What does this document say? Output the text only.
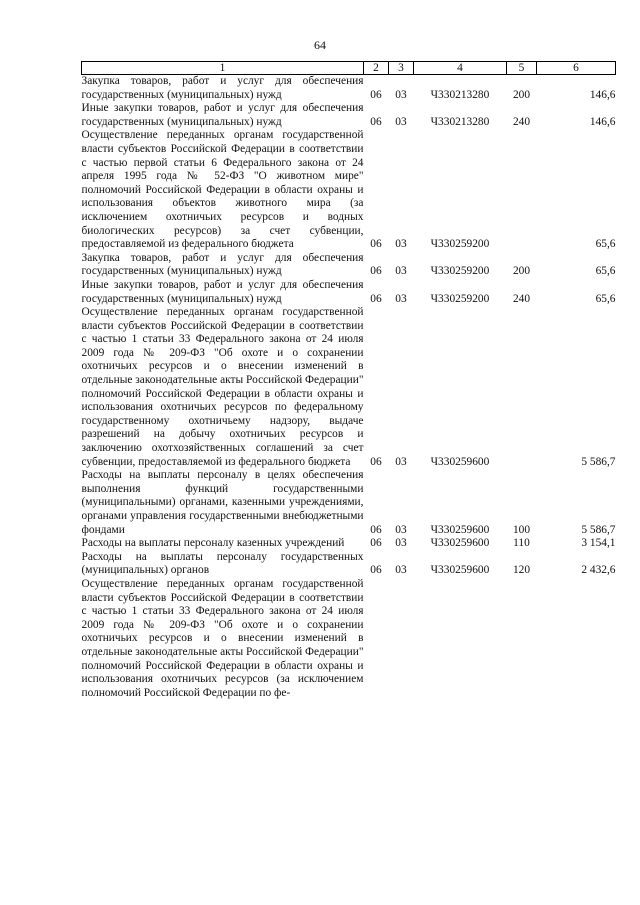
64
1	2	3	4	5	6
Закупка товаров, работ и услуг для обеспечения государственных (муниципальных) нужд	06	03	Ч330213280	200	146,6
Иные закупки товаров, работ и услуг для обеспечения государственных (муниципальных) нужд	06	03	Ч330213280	240	146,6
Осуществление переданных органам государственной власти субъектов Российской Федерации в соответствии с частью первой статьи 6 Федерального закона от 24 апреля 1995 года № 52-ФЗ "О животном мире" полномочий Российской Федерации в области охраны и использования объектов животного мира (за исключением охотничьих ресурсов и водных биологических ресурсов) за счет субвенции, предоставляемой из федерального бюджета	06	03	Ч330259200		65,6
Закупка товаров, работ и услуг для обеспечения государственных (муниципальных) нужд	06	03	Ч330259200	200	65,6
Иные закупки товаров, работ и услуг для обеспечения государственных (муниципальных) нужд	06	03	Ч330259200	240	65,6
Осуществление переданных органам государственной власти субъектов Российской Федерации в соответствии с частью 1 статьи 33 Федерального закона от 24 июля 2009 года № 209-ФЗ "Об охоте и о сохранении охотничьих ресурсов и о внесении изменений в отдельные законодательные акты Российской Федерации" полномочий Российской Федерации в области охраны и использования охотничьих ресурсов по федеральному государственному охотничьему надзору, выдаче разрешений на добычу охотничьих ресурсов и заключению охотхозяйственных соглашений за счет субвенции, предоставляемой из федерального бюджета	06	03	Ч330259600		5 586,7
Расходы на выплаты персоналу в целях обеспечения выполнения функций государственными (муниципальными) органами, казенными учреждениями, органами управления государственными внебюджетными фондами	06	03	Ч330259600	100	5 586,7
Расходы на выплаты персоналу казенных учреждений	06	03	Ч330259600	110	3 154,1
Расходы на выплаты персоналу государственных (муниципальных) органов	06	03	Ч330259600	120	2 432,6
Осуществление переданных органам государственной власти субъектов Российской Федерации в соответствии с частью 1 статьи 33 Федерального закона от 24 июля 2009 года № 209-ФЗ "Об охоте и о сохранении охотничьих ресурсов и о внесении изменений в отдельные законодательные акты Российской Федерации" полномочий Российской Федерации в области охраны и использования охотничьих ресурсов (за исключением полномочий Российской Федерации по фе-					
